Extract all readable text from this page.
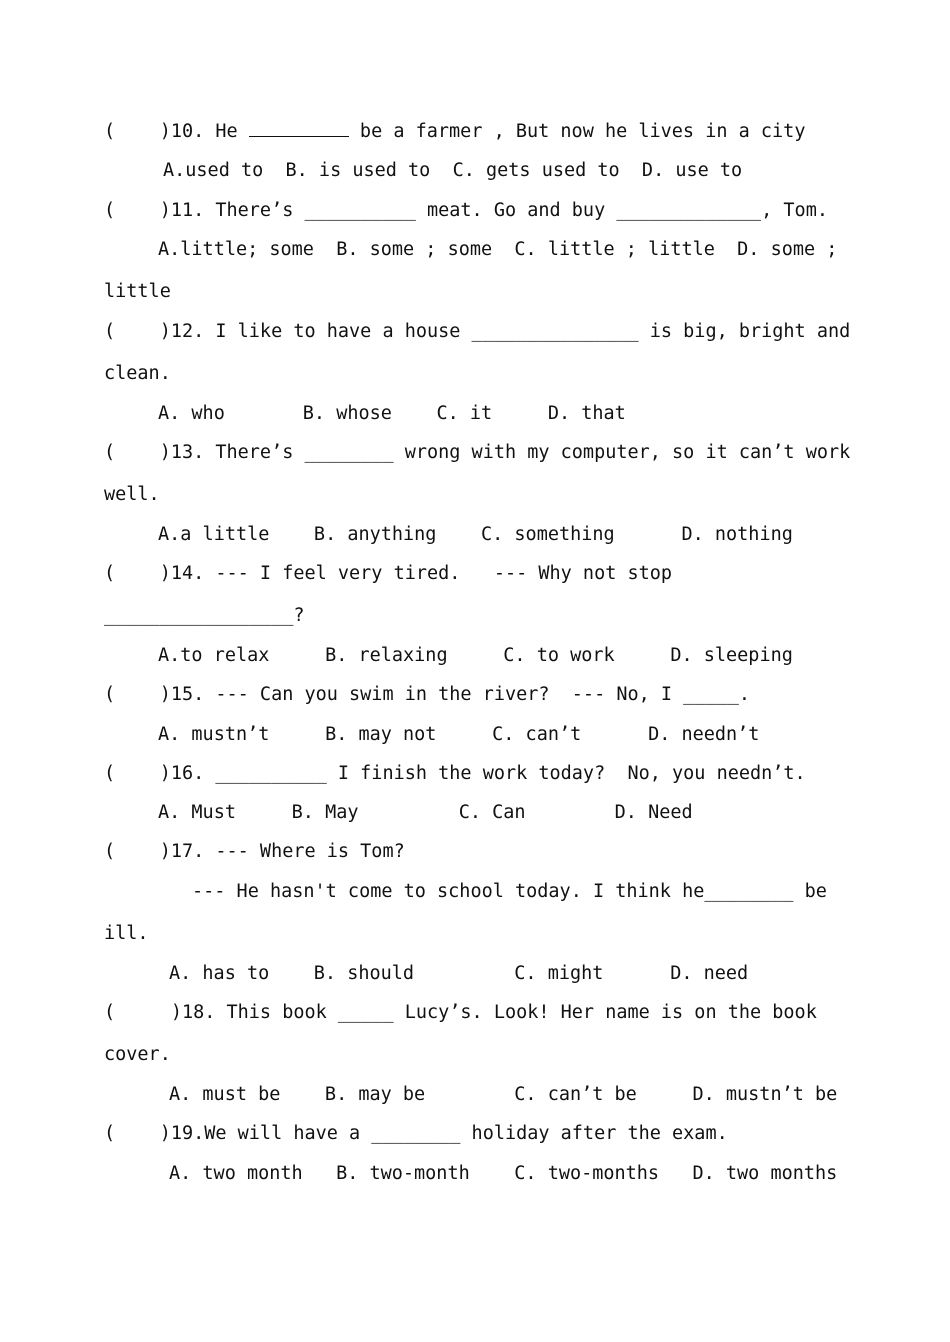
(    )10. He	be a farmer , But now he lives in a city
A.used to  B. is used to  C. gets used to  D. use to
(    )11. There’s __________ meat. Go and buy _____________, Tom.
A.little; some  B. some ; some  C. little ; little  D. some ;
little
(    )12. I like to have a house _______________ is big, bright and
clean.
A. who       B. whose    C. it     D. that
(    )13. There’s ________ wrong with my computer, so it can’t work
well.
A.a little    B. anything    C. something      D. nothing
(    )14. --- I feel very tired.   --- Why not stop
_________________?
A.to relax     B. relaxing     C. to work     D. sleeping
(    )15. --- Can you swim in the river?  --- No, I _____.
A. mustn’t     B. may not     C. can’t      D. needn’t
(    )16. __________ I finish the work today?  No, you needn’t.
A. Must     B. May         C. Can        D. Need
(    )17. --- Where is Tom?
--- He hasn't come to school today. I think he________ be
ill.
A. has to    B. should         C. might      D. need
(     )18. This book _____ Lucy’s. Look! Her name is on the book
cover.
A. must be    B. may be        C. can’t be     D. mustn’t be
(    )19.We will have a ________ holiday after the exam.
A. two month   B. two-month    C. two-months   D. two months
